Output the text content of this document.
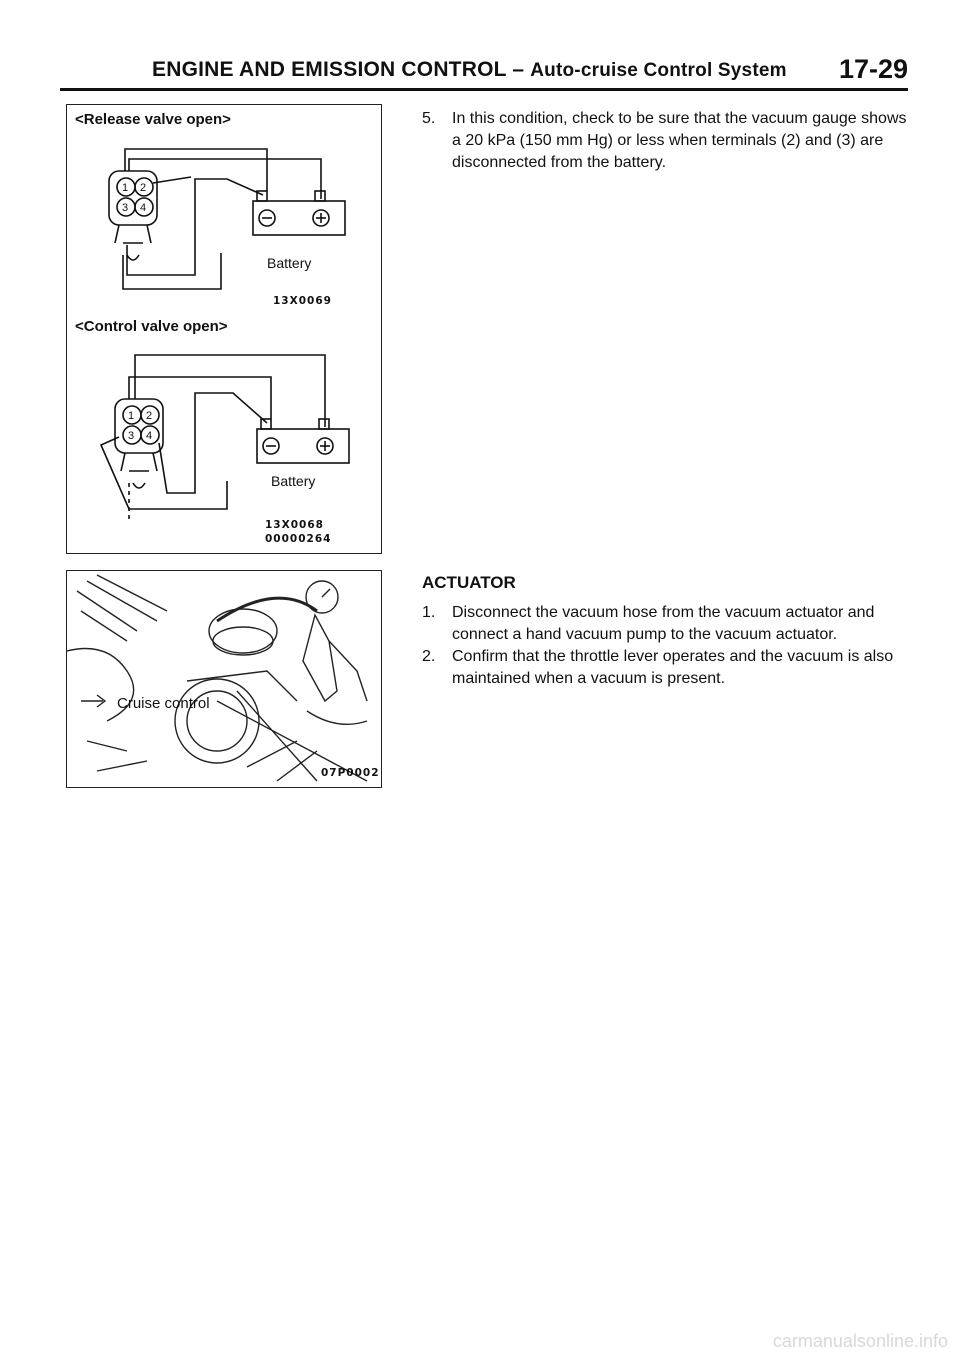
ENGINE AND EMISSION CONTROL – Auto-cruise Control System 17-29
<Release valve open>
1 2
3 4
1 2
3 4
Battery
13X0069
<Control valve open>
Battery
13X0068
00000264
Cruise control
07P0002
5. In this condition, check to be sure that the vacuum gauge shows a 20 kPa (150 mm Hg) or less when terminals (2) and (3) are disconnected from the battery.
ACTUATOR
1. Disconnect the vacuum hose from the vacuum actuator and connect a hand vacuum pump to the vacuum actuator.
2. Confirm that the throttle lever operates and the vacuum is also maintained when a vacuum is present.
carmanualsonline.info
